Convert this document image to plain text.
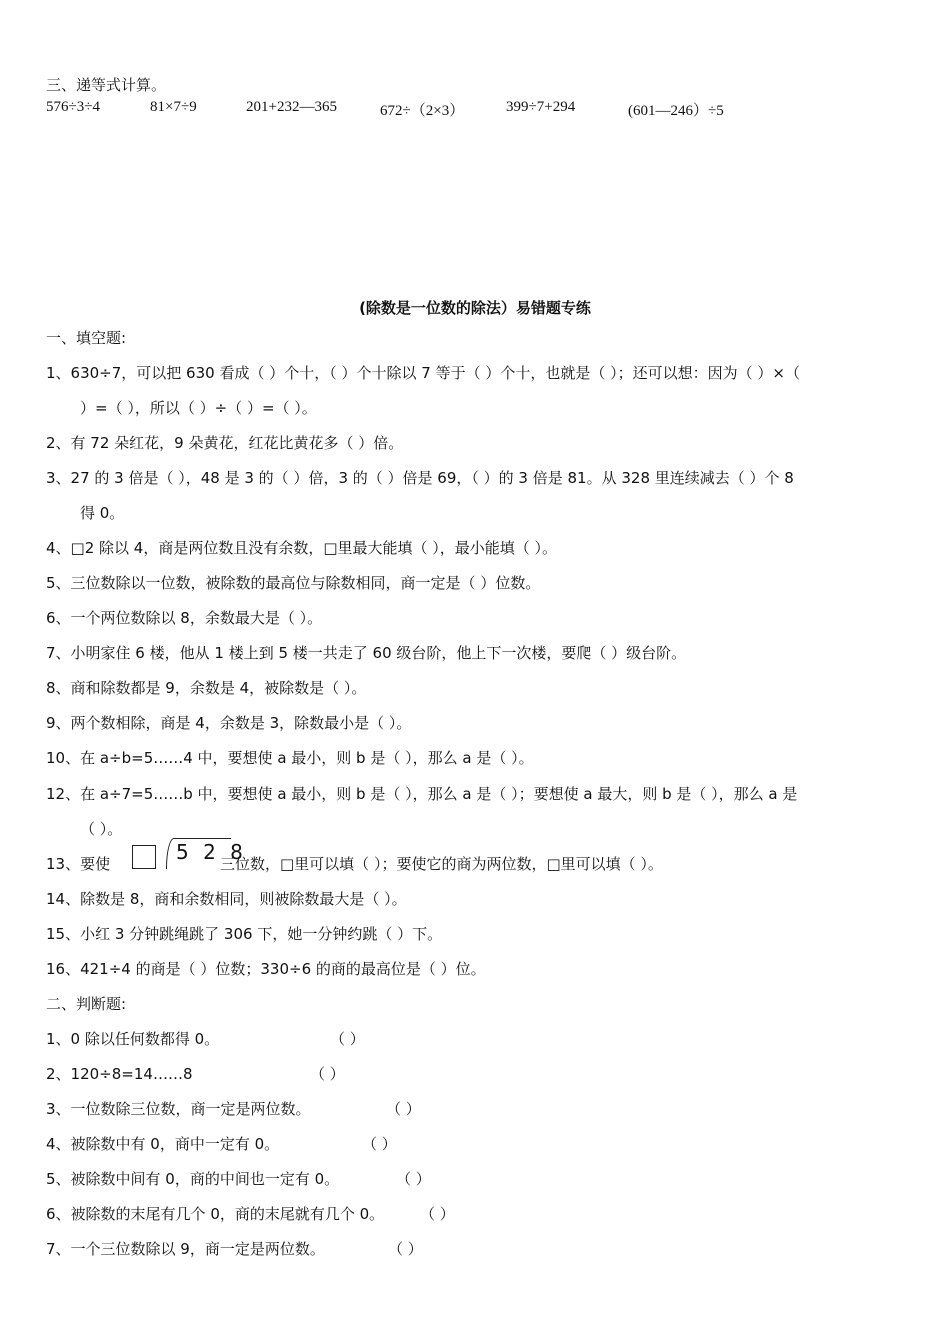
三、递等式计算。
576÷3÷4	81×7÷9	201+232—365	672÷（2×3）	399÷7+294	(601—246）÷5
(除数是一位数的除法）易错题专练
一、填空题:
1、630÷7，可以把 630 看成（ ）个十，（ ）个十除以 7 等于（ ）个十，也就是（ ）；还可以想：因为（ ）×（
）=（ ），所以（ ）÷（ ）=（ ）。
2、有 72 朵红花，9 朵黄花，红花比黄花多（ ）倍。
3、27 的 3 倍是（ ），48 是 3 的（ ）倍，3 的（ ）倍是 69，（ ）的 3 倍是 81。从 328 里连续减去（ ）个 8
得 0。
4、□2 除以 4，商是两位数且没有余数，□里最大能填（ ），最小能填（ ）。
5、三位数除以一位数，被除数的最高位与除数相同，商一定是（ ）位数。
6、一个两位数除以 8，余数最大是（ ）。
7、小明家住 6 楼，他从 1 楼上到 5 楼一共走了 60 级台阶，他上下一次楼，要爬（ ）级台阶。
8、商和除数都是 9，余数是 4，被除数是（ ）。
9、两个数相除，商是 4，余数是 3，除数最小是（ ）。
10、在 a÷b=5……4 中，要想使 a 最小，则 b 是（ ），那么 a 是（ ）。
12、在 a÷7=5……b 中，要想使 a 最小，则 b 是（ ），那么 a 是（ ）；要想使 a 最大，则 b 是（ ），那么 a 是
（ ）。
13、要使	5 2 8
三位数，□里可以填（ ）；要使它的商为两位数，□里可以填（ ）。
14、除数是 8，商和余数相同，则被除数最大是（ ）。
15、小红 3 分钟跳绳跳了 306 下，她一分钟约跳（ ）下。
16、421÷4 的商是（ ）位数；330÷6 的商的最高位是（ ）位。
二、判断题:
1、0 除以任何数都得 0。	（ ）
2、120÷8=14……8	（ ）
3、一位数除三位数，商一定是两位数。	（ ）
4、被除数中有 0，商中一定有 0。	（ ）
5、被除数中间有 0，商的中间也一定有 0。	（ ）
6、被除数的末尾有几个 0，商的末尾就有几个 0。 （ ）
7、一个三位数除以 9，商一定是两位数。	（ ）
